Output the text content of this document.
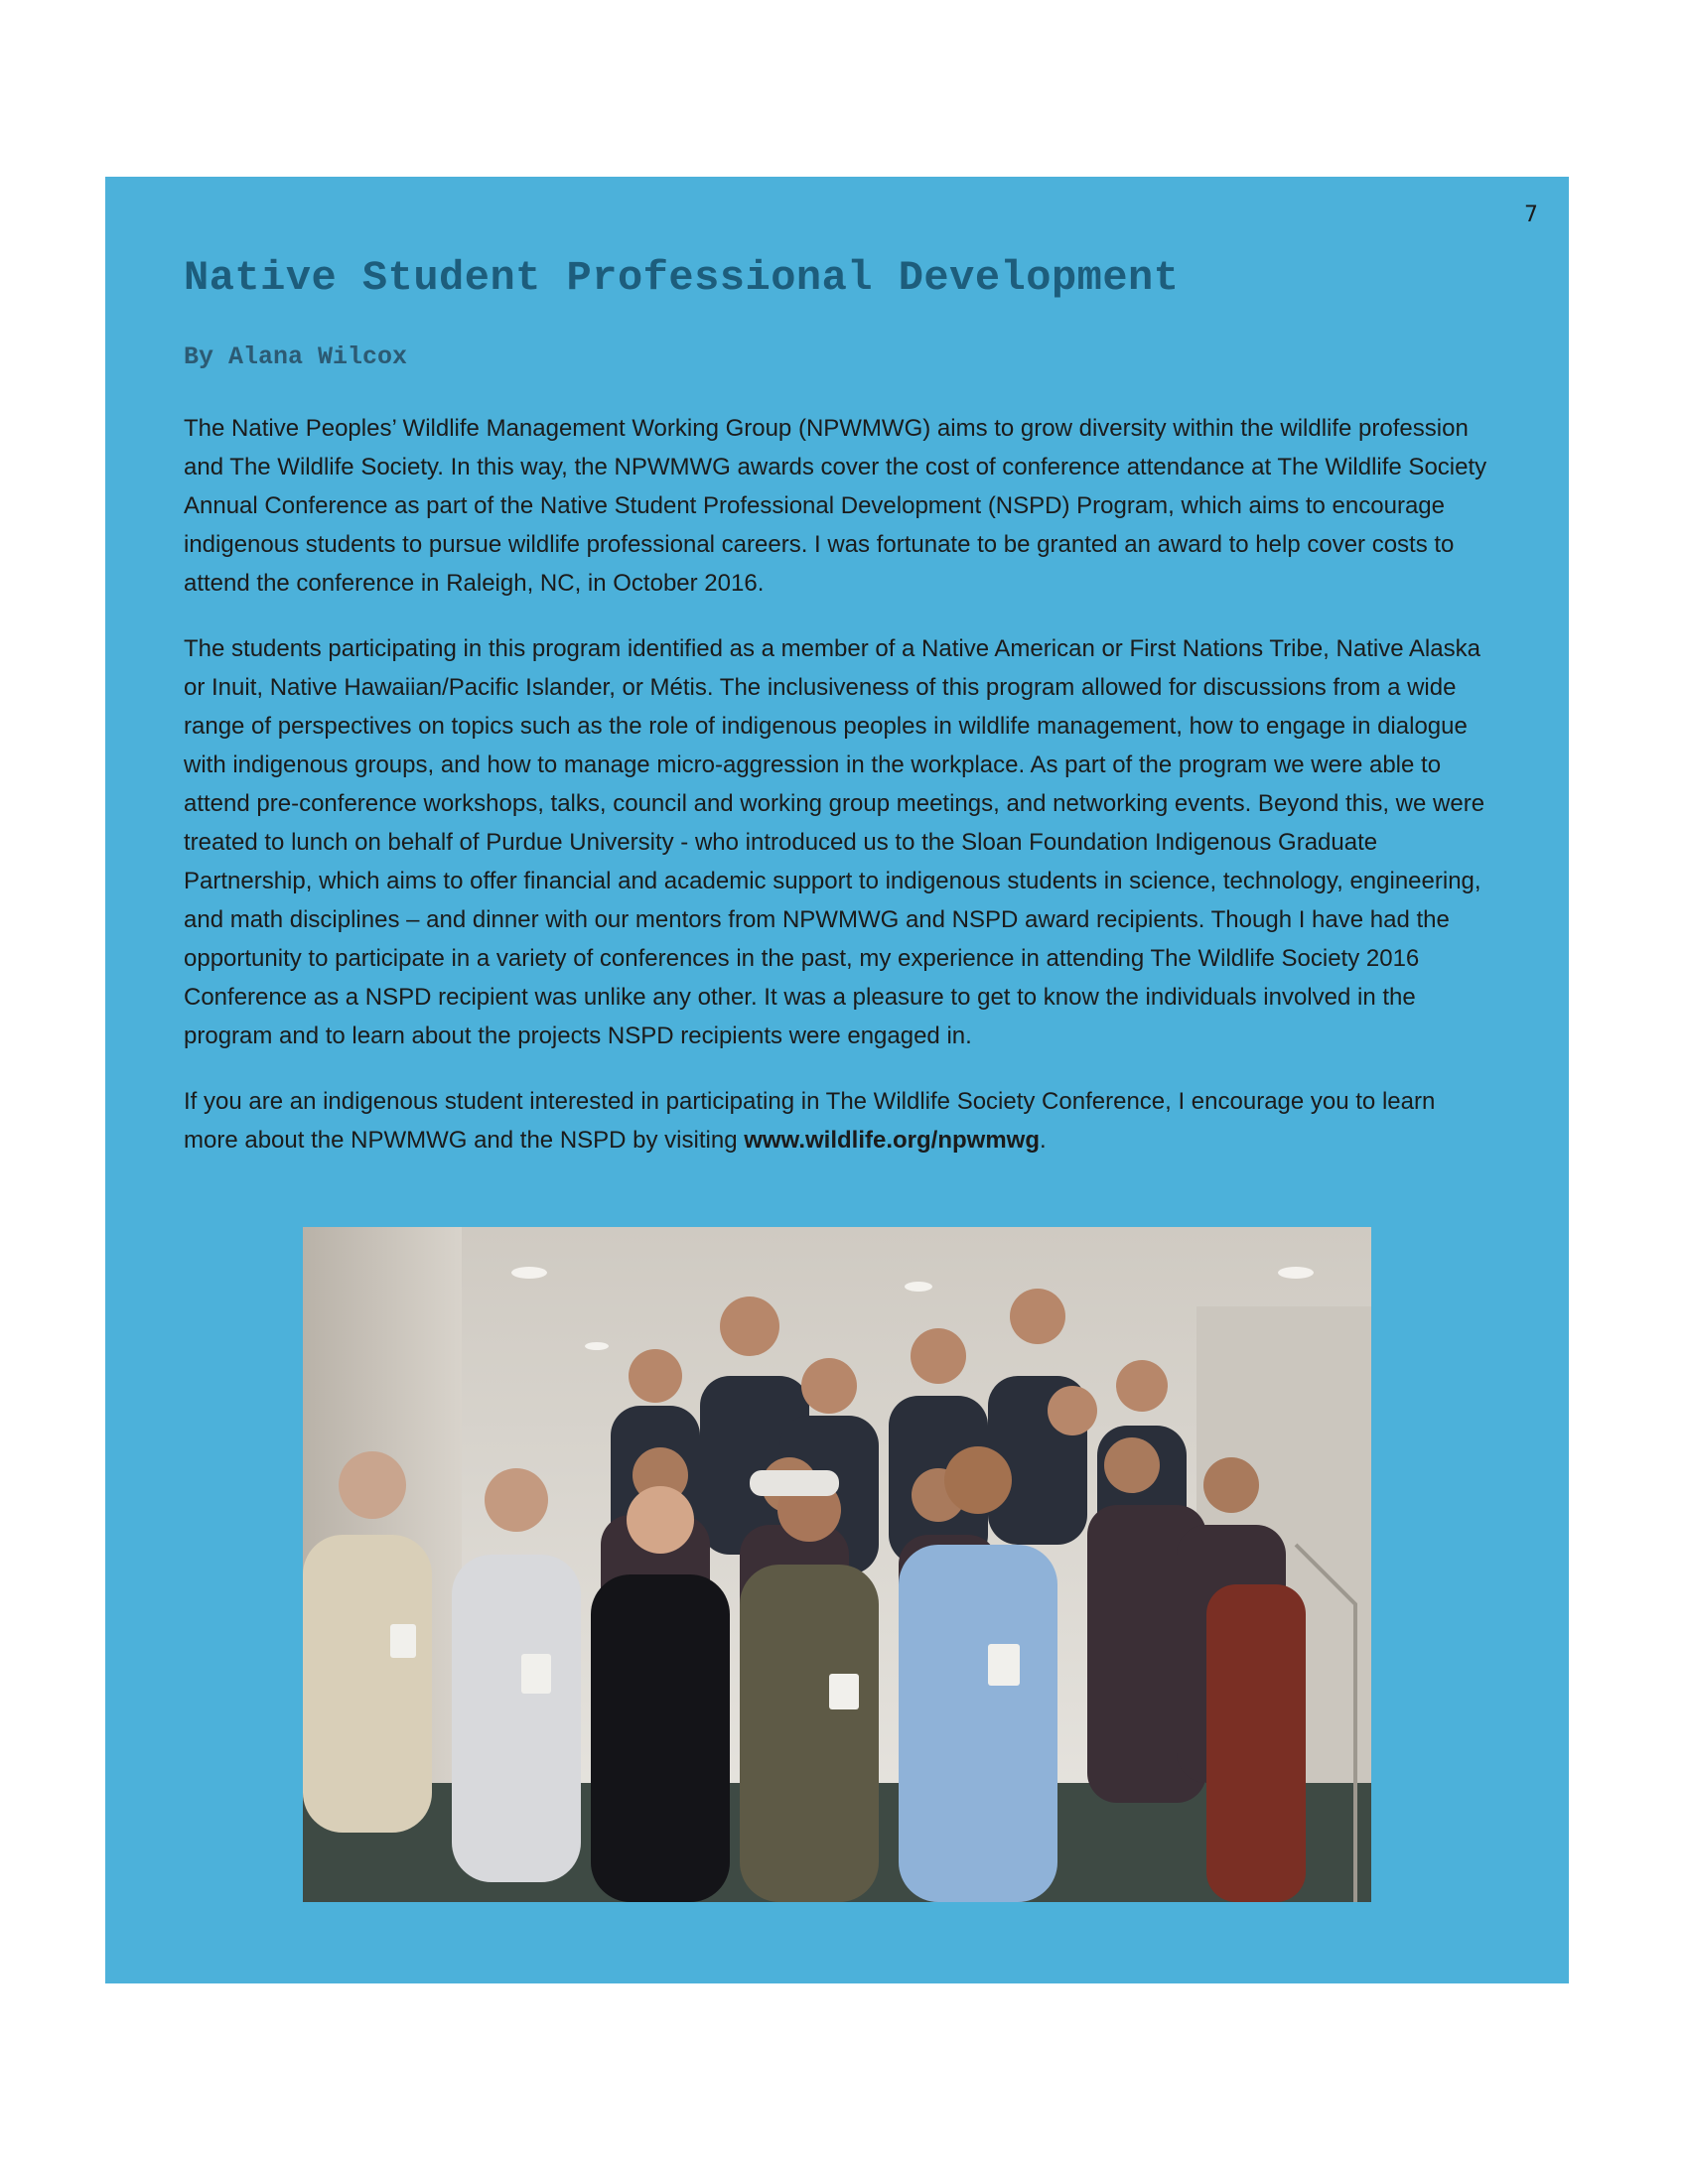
7
Native Student Professional Development

By Alana Wilcox

The Native Peoples’ Wildlife Management Working Group (NPWMWG) aims to grow diversity within the wildlife profession and The Wildlife Society. In this way, the NPWMWG awards cover the cost of conference attendance at The Wildlife Society Annual Conference as part of the Native Student Professional Development (NSPD) Program, which aims to encourage indigenous students to pursue wildlife professional careers. I was fortunate to be granted an award to help cover costs to attend the conference in Raleigh, NC, in October 2016.

The students participating in this program identified as a member of a Native American or First Nations Tribe, Native Alaska or Inuit, Native Hawaiian/Pacific Islander, or Métis. The inclusiveness of this program allowed for discussions from a wide range of perspectives on topics such as the role of indigenous peoples in wildlife management, how to engage in dialogue with indigenous groups, and how to manage micro-aggression in the workplace. As part of the program we were able to attend pre-conference workshops, talks, council and working group meetings, and networking events. Beyond this, we were treated to lunch on behalf of Purdue University - who introduced us to the Sloan Foundation Indigenous Graduate Partnership, which aims to offer financial and academic support to indigenous students in science, technology, engineering, and math disciplines – and dinner with our mentors from NPWMWG and NSPD award recipients. Though I have had the opportunity to participate in a variety of conferences in the past, my experience in attending The Wildlife Society 2016 Conference as a NSPD recipient was unlike any other. It was a pleasure to get to know the individuals involved in the program and to learn about the projects NSPD recipients were engaged in.

If you are an indigenous student interested in participating in The Wildlife Society Conference, I encourage you to learn more about the NPWMWG and the NSPD by visiting www.wildlife.org/npwmwg.
